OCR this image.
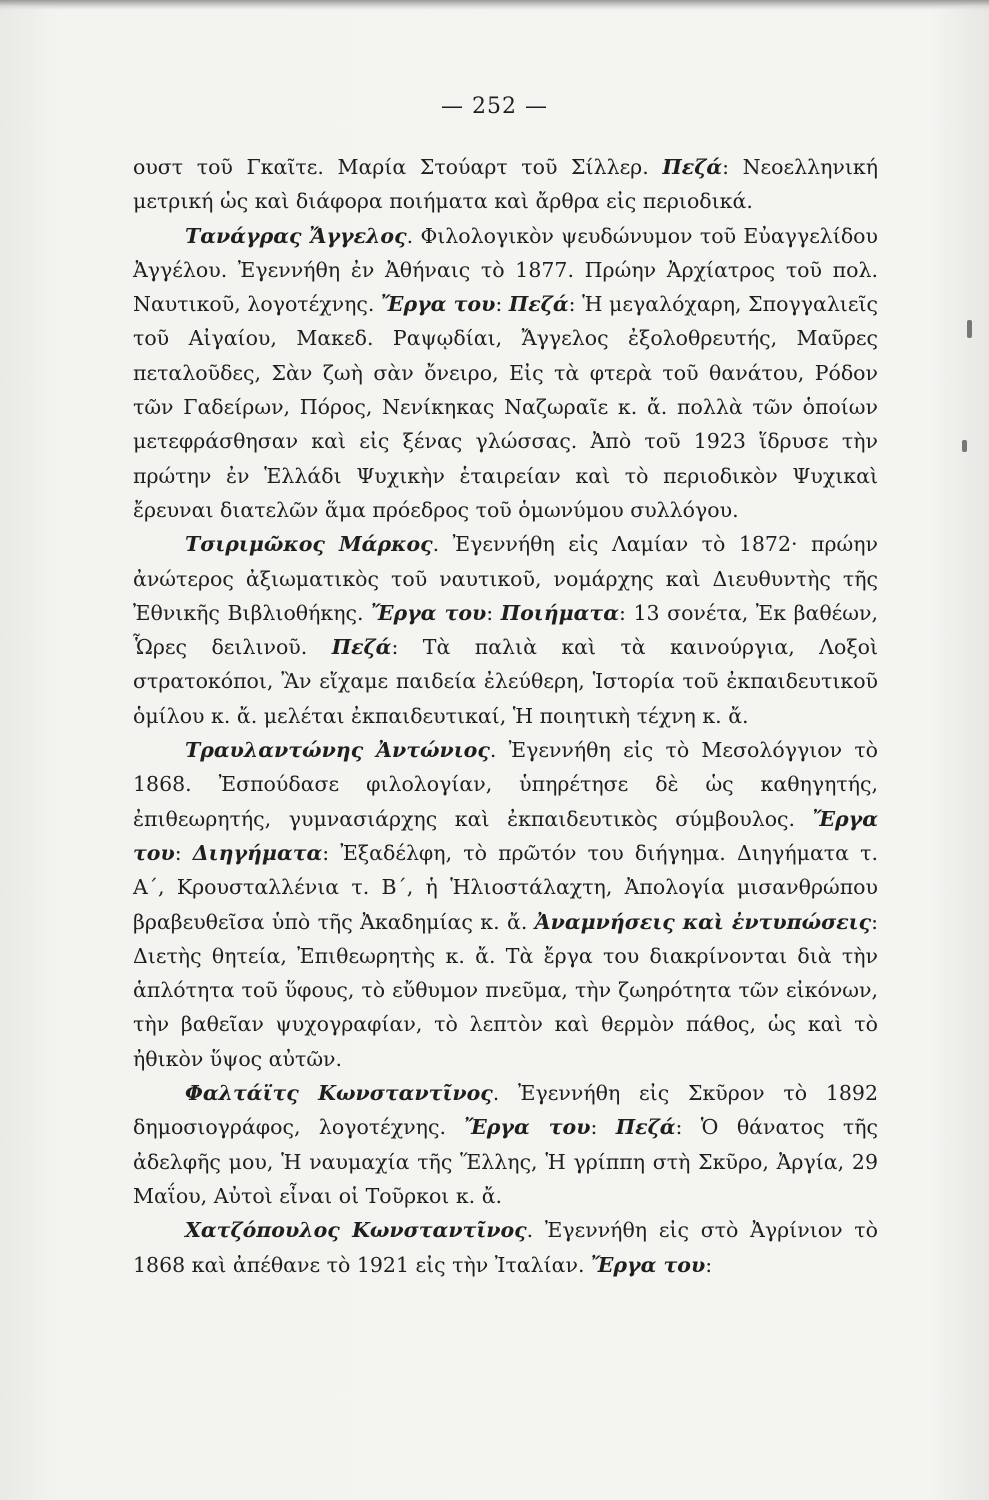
— 252 —

ουστ τοῦ Γκαῖτε. Μαρία Στούαρτ τοῦ Σίλλερ. Πεζά: Νεοελληνική μετρική ὡς καὶ διάφορα ποιήματα καὶ ἄρθρα εἰς περιοδικά.

Τανάγρας Ἄγγελος. Φιλολογικὸν ψευδώνυμον τοῦ Εὐαγγελίδου Ἀγγέλου. Ἐγεννήθη ἐν Ἀθήναις τὸ 1877. Πρώην Ἀρχίατρος τοῦ πολ. Ναυτικοῦ, λογοτέχνης. Ἔργα του: Πεζά: Ἡ μεγαλόχαρη, Σπογγαλιεῖς τοῦ Αἰγαίου, Μακεδ. Ραψῳδίαι, Ἄγγελος ἐξολοθρευτής, Μαῦρες πεταλοῦδες, Σὰν ζωὴ σὰν ὄνειρο, Εἰς τὰ φτερὰ τοῦ θανάτου, Ρόδον τῶν Γαδείρων, Πόρος, Νενίκηκας Ναζωραῖε κ. ἄ. πολλὰ τῶν ὁποίων μετεφράσθησαν καὶ εἰς ξένας γλώσσας. Ἀπὸ τοῦ 1923 ἵδρυσε τὴν πρώτην ἐν Ἑλλάδι Ψυχικὴν ἑταιρείαν καὶ τὸ περιοδικὸν Ψυχικαὶ ἔρευναι διατελῶν ἅμα πρόεδρος τοῦ ὁμωνύμου συλλόγου.

Τσιριμῶκος Μάρκος. Ἐγεννήθη εἰς Λαμίαν τὸ 1872· πρώην ἀνώτερος ἀξιωματικὸς τοῦ ναυτικοῦ, νομάρχης καὶ Διευθυντὴς τῆς Ἐθνικῆς Βιβλιοθήκης. Ἔργα του: Ποιήματα: 13 σονέτα, Ἐκ βαθέων, Ὧρες δειλινοῦ. Πεζά: Τὰ παλιὰ καὶ τὰ καινούργια, Λοξοὶ στρατοκόποι, Ἂν εἴχαμε παιδεία ἐλεύθερη, Ἱστορία τοῦ ἐκπαιδευτικοῦ ὁμίλου κ. ἄ. μελέται ἐκπαιδευτικαί, Ἡ ποιητικὴ τέχνη κ. ἄ.

Τραυλαντώνης Ἀντώνιος. Ἐγεννήθη εἰς τὸ Μεσολόγγιον τὸ 1868. Ἐσπούδασε φιλολογίαν, ὑπηρέτησε δὲ ὡς καθηγητής, ἐπιθεωρητής, γυμνασιάρχης καὶ ἐκπαιδευτικὸς σύμβουλος. Ἔργα του: Διηγήματα: Ἐξαδέλφη, τὸ πρῶτόν του διήγημα. Διηγήματα τ. Α΄, Κρουσταλλένια τ. Β΄, ἡ Ἡλιοστάλαχτη, Ἀπολογία μισανθρώπου βραβευθεῖσα ὑπὸ τῆς Ἀκαδημίας κ. ἄ. Ἀναμνήσεις καὶ ἐντυπώσεις: Διετὴς θητεία, Ἐπιθεωρητὴς κ. ἄ. Τὰ ἔργα του διακρίνονται διὰ τὴν ἁπλότητα τοῦ ὕφους, τὸ εὔθυμον πνεῦμα, τὴν ζωηρότητα τῶν εἰκόνων, τὴν βαθεῖαν ψυχογραφίαν, τὸ λεπτὸν καὶ θερμὸν πάθος, ὡς καὶ τὸ ἠθικὸν ὕψος αὐτῶν.

Φαλτάϊτς Κωνσταντῖνος. Ἐγεννήθη εἰς Σκῦρον τὸ 1892 δημοσιογράφος, λογοτέχνης. Ἔργα του: Πεζά: Ὁ θάνατος τῆς ἀδελφῆς μου, Ἡ ναυμαχία τῆς Ἕλλης, Ἡ γρίππη στὴ Σκῦρο, Ἀργία, 29 Μαΐου, Αὐτοὶ εἶναι οἱ Τοῦρκοι κ. ἄ.

Χατζόπουλος Κωνσταντῖνος. Ἐγεννήθη εἰς στὸ Ἀγρίνιον τὸ 1868 καὶ ἀπέθανε τὸ 1921 εἰς τὴν Ἰταλίαν. Ἔργα του:
